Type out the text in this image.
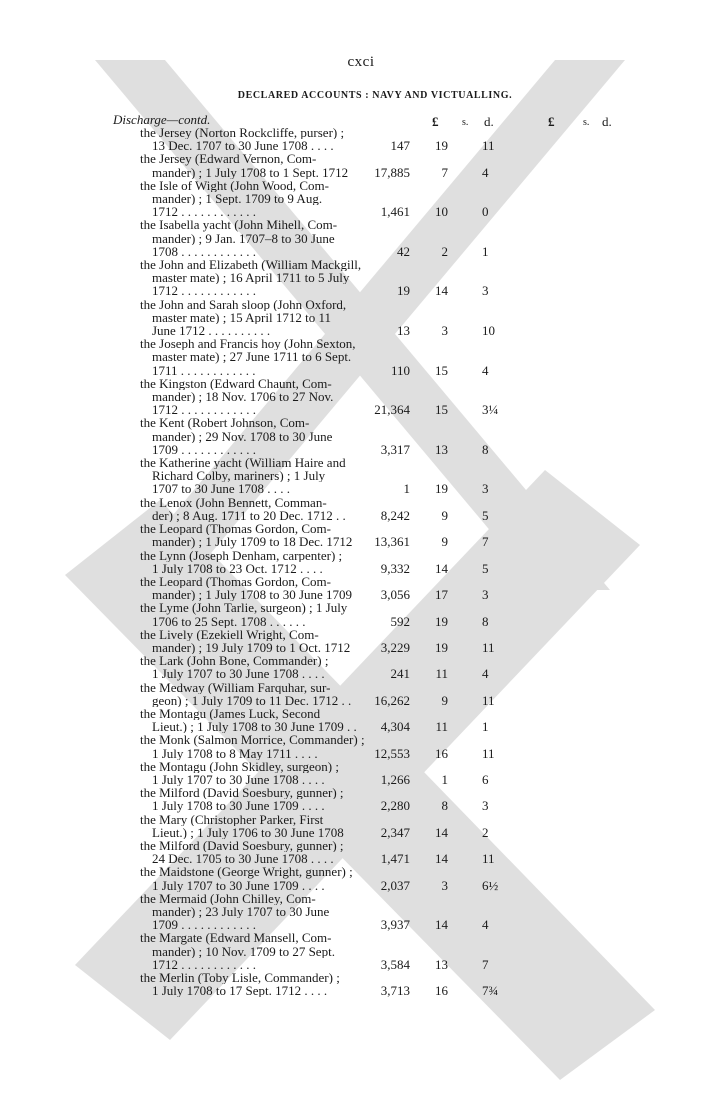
cxci
DECLARED ACCOUNTS : NAVY AND VICTUALLING.
Discharge—contd.	£ s. d.	£	s. d.
the Jersey (Norton Rockcliffe, purser) ;
13 Dec. 1707 to 30 June 1708 . . . .	147 19	11
the Jersey (Edward Vernon, Com-
mander) ; 1 July 1708 to 1 Sept. 1712	17,885 7	4
the Isle of Wight (John Wood, Com-
mander) ; 1 Sept. 1709 to 9 Aug.
1712 . . . . . . . . . . . .	1,461 10	0
the Isabella yacht (John Mihell, Com-
mander) ; 9 Jan. 1707–8 to 30 June
1708 . . . . . . . . . . . .	42 2	1
the John and Elizabeth (William Mackgill,
master mate) ; 16 April 1711 to 5 July
1712 . . . . . . . . . . . .	19 14	3
the John and Sarah sloop (John Oxford,
master mate) ; 15 April 1712 to 11
June 1712 . . . . . . . . . .	13 3	10
the Joseph and Francis hoy (John Sexton,
master mate) ; 27 June 1711 to 6 Sept.
1711 . . . . . . . . . . . .	110 15	4
the Kingston (Edward Chaunt, Com-
mander) ; 18 Nov. 1706 to 27 Nov.
1712 . . . . . . . . . . . .	21,364 15	3¼
the Kent (Robert Johnson, Com-
mander) ; 29 Nov. 1708 to 30 June
1709 . . . . . . . . . . . .	3,317 13	8
the Katherine yacht (William Haire and
Richard Colby, mariners) ; 1 July
1707 to 30 June 1708 . . . .	1 19	3
the Lenox (John Bennett, Comman-
der) ; 8 Aug. 1711 to 20 Dec. 1712 . .	8,242 9	5
the Leopard (Thomas Gordon, Com-
mander) ; 1 July 1709 to 18 Dec. 1712	13,361 9	7
the Lynn (Joseph Denham, carpenter) ;
1 July 1708 to 23 Oct. 1712 . . . .	9,332 14	5
the Leopard (Thomas Gordon, Com-
mander) ; 1 July 1708 to 30 June 1709	3,056 17	3
the Lyme (John Tarlie, surgeon) ; 1 July
1706 to 25 Sept. 1708 . . . . . .	592 19	8
the Lively (Ezekiell Wright, Com-
mander) ; 19 July 1709 to 1 Oct. 1712	3,229 19	11
the Lark (John Bone, Commander) ;
1 July 1707 to 30 June 1708 . . . .	241 11	4
the Medway (William Farquhar, sur-
geon) ; 1 July 1709 to 11 Dec. 1712 . .	16,262 9	11
the Montagu (James Luck, Second
Lieut.) ; 1 July 1708 to 30 June 1709 . .	4,304 11	1
the Monk (Salmon Morrice, Commander) ;
1 July 1708 to 8 May 1711 . . . .	12,553 16	11
the Montagu (John Skidley, surgeon) ;
1 July 1707 to 30 June 1708 . . . .	1,266 1	6
the Milford (David Soesbury, gunner) ;
1 July 1708 to 30 June 1709 . . . .	2,280 8	3
the Mary (Christopher Parker, First
Lieut.) ; 1 July 1706 to 30 June 1708	2,347 14	2
the Milford (David Soesbury, gunner) ;
24 Dec. 1705 to 30 June 1708 . . . .	1,471 14	11
the Maidstone (George Wright, gunner) ;
1 July 1707 to 30 June 1709 . . . .	2,037 3	6½
the Mermaid (John Chilley, Com-
mander) ; 23 July 1707 to 30 June
1709 . . . . . . . . . . . .	3,937 14	4
the Margate (Edward Mansell, Com-
mander) ; 10 Nov. 1709 to 27 Sept.
1712 . . . . . . . . . . . .	3,584 13	7
the Merlin (Toby Lisle, Commander) ;
1 July 1708 to 17 Sept. 1712 . . . .	3,713 16	7¾
